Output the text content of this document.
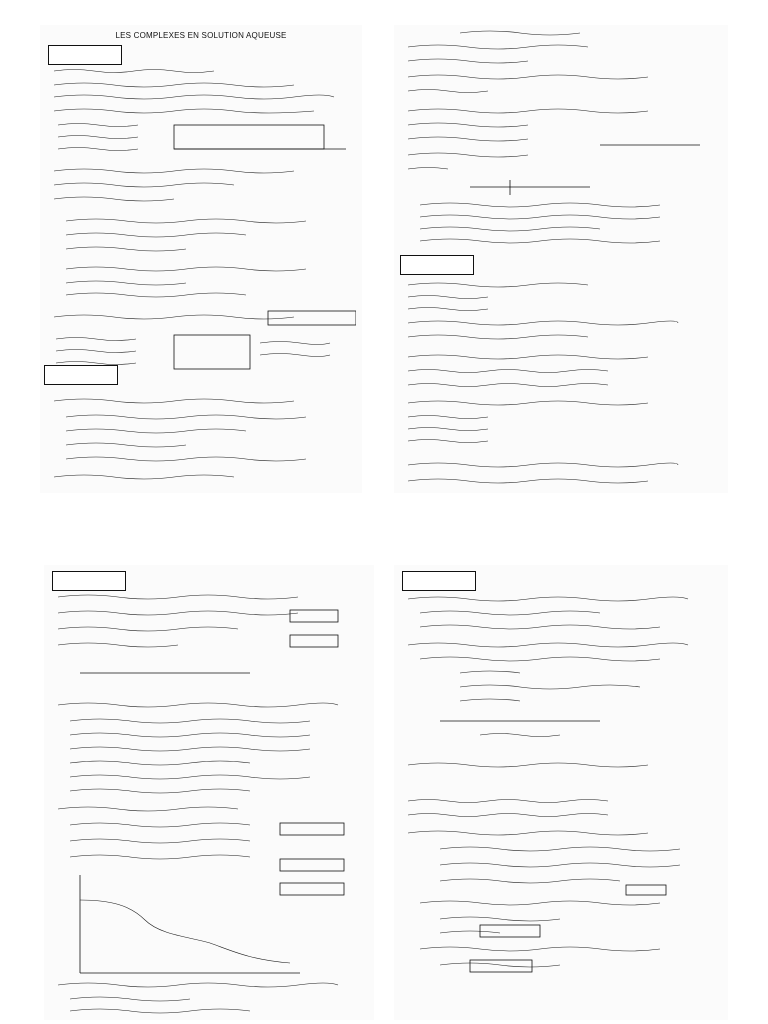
LES COMPLEXES EN SOLUTION AQUEUSE
